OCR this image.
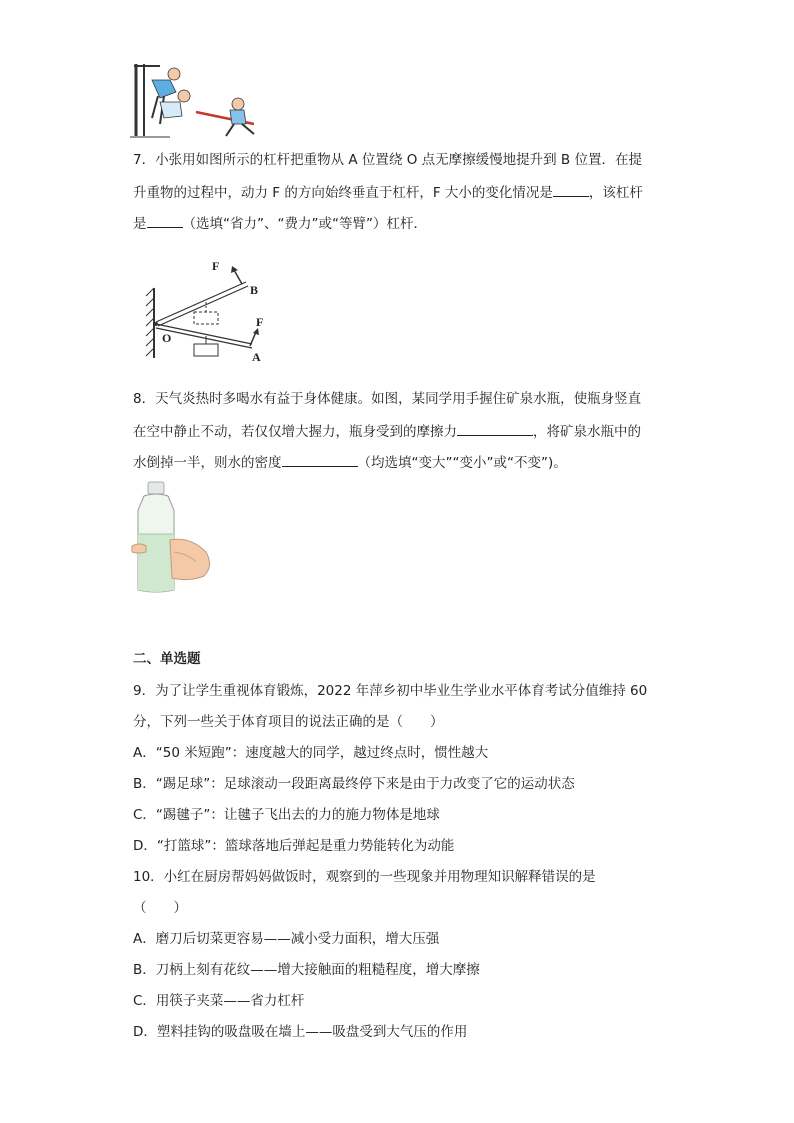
7．小张用如图所示的杠杆把重物从 A 位置绕 O 点无摩擦缓慢地提升到 B 位置．在提
升重物的过程中，动力 F 的方向始终垂直于杠杆，F 大小的变化情况是	，该杠杆
是	（选填“省力”、“费力”或“等臂”）杠杆．
F
B
O
F
A
8．天气炎热时多喝水有益于身体健康。如图，某同学用手握住矿泉水瓶，使瓶身竖直
在空中静止不动，若仅仅增大握力，瓶身受到的摩擦力	，将矿泉水瓶中的
水倒掉一半，则水的密度	（均选填“变大”“变小”或“不变”)。
二、单选题
9．为了让学生重视体育锻炼，2022 年萍乡初中毕业生学业水平体育考试分值维持 60
分，下列一些关于体育项目的说法正确的是（　　）
A．“50 米短跑”：速度越大的同学，越过终点时，惯性越大
B．“踢足球”：足球滚动一段距离最终停下来是由于力改变了它的运动状态
C．“踢毽子”：让毽子飞出去的力的施力物体是地球
D．“打篮球”：篮球落地后弹起是重力势能转化为动能
10．小红在厨房帮妈妈做饭时，观察到的一些现象并用物理知识解释错误的是
（　　）
A．磨刀后切菜更容易——减小受力面积，增大压强
B．刀柄上刻有花纹——增大接触面的粗糙程度，增大摩擦
C．用筷子夹菜——省力杠杆
D．塑料挂钩的吸盘吸在墙上——吸盘受到大气压的作用
